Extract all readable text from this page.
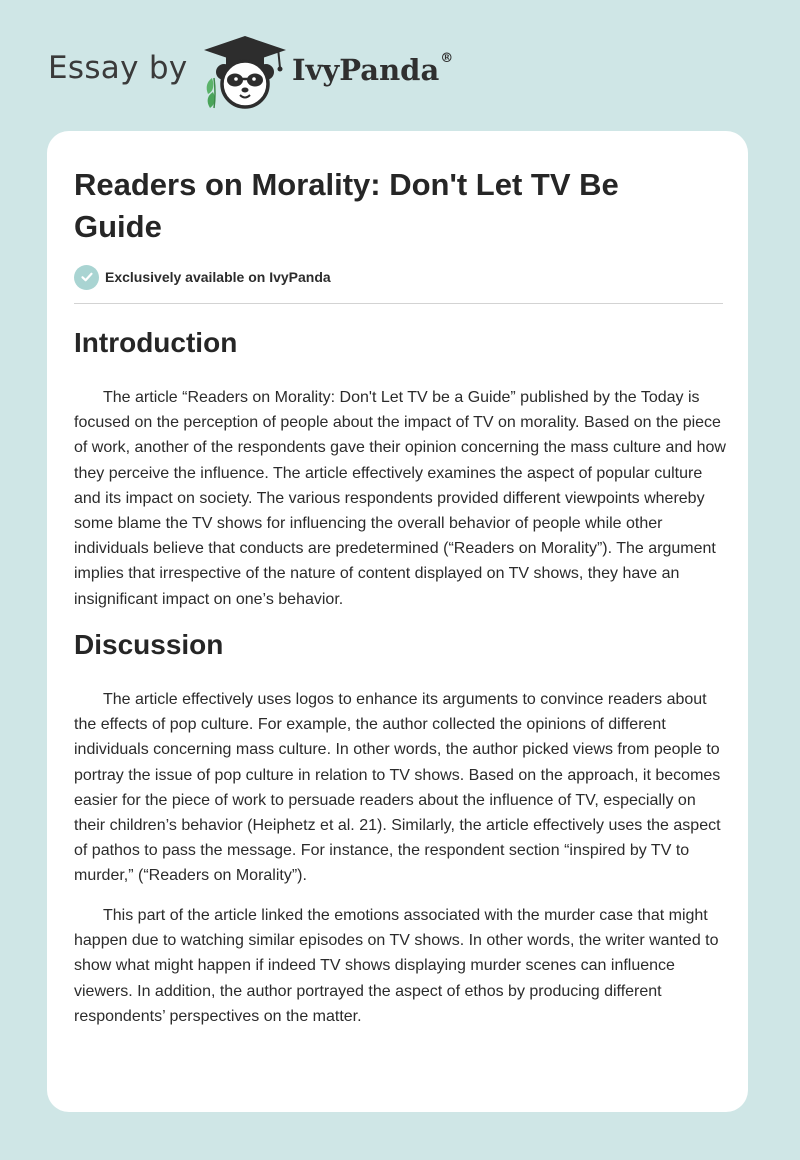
Essay by	IvyPanda®
Readers on Morality: Don't Let TV Be Guide
Exclusively available on IvyPanda
Introduction

The article “Readers on Morality: Don't Let TV be a Guide” published by the Today is focused on the perception of people about the impact of TV on morality. Based on the piece of work, another of the respondents gave their opinion concerning the mass culture and how they perceive the influence. The article effectively examines the aspect of popular culture and its impact on society. The various respondents provided different viewpoints whereby some blame the TV shows for influencing the overall behavior of people while other individuals believe that conducts are predetermined (“Readers on Morality”). The argument implies that irrespective of the nature of content displayed on TV shows, they have an insignificant impact on one’s behavior.

Discussion

The article effectively uses logos to enhance its arguments to convince readers about the effects of pop culture. For example, the author collected the opinions of different individuals concerning mass culture. In other words, the author picked views from people to portray the issue of pop culture in relation to TV shows. Based on the approach, it becomes easier for the piece of work to persuade readers about the influence of TV, especially on their children’s behavior (Heiphetz et al. 21). Similarly, the article effectively uses the aspect of pathos to pass the message. For instance, the respondent section “inspired by TV to murder,” (“Readers on Morality”).

This part of the article linked the emotions associated with the murder case that might happen due to watching similar episodes on TV shows. In other words, the writer wanted to show what might happen if indeed TV shows displaying murder scenes can influence viewers. In addition, the author portrayed the aspect of ethos by producing different respondents’ perspectives on the matter.
